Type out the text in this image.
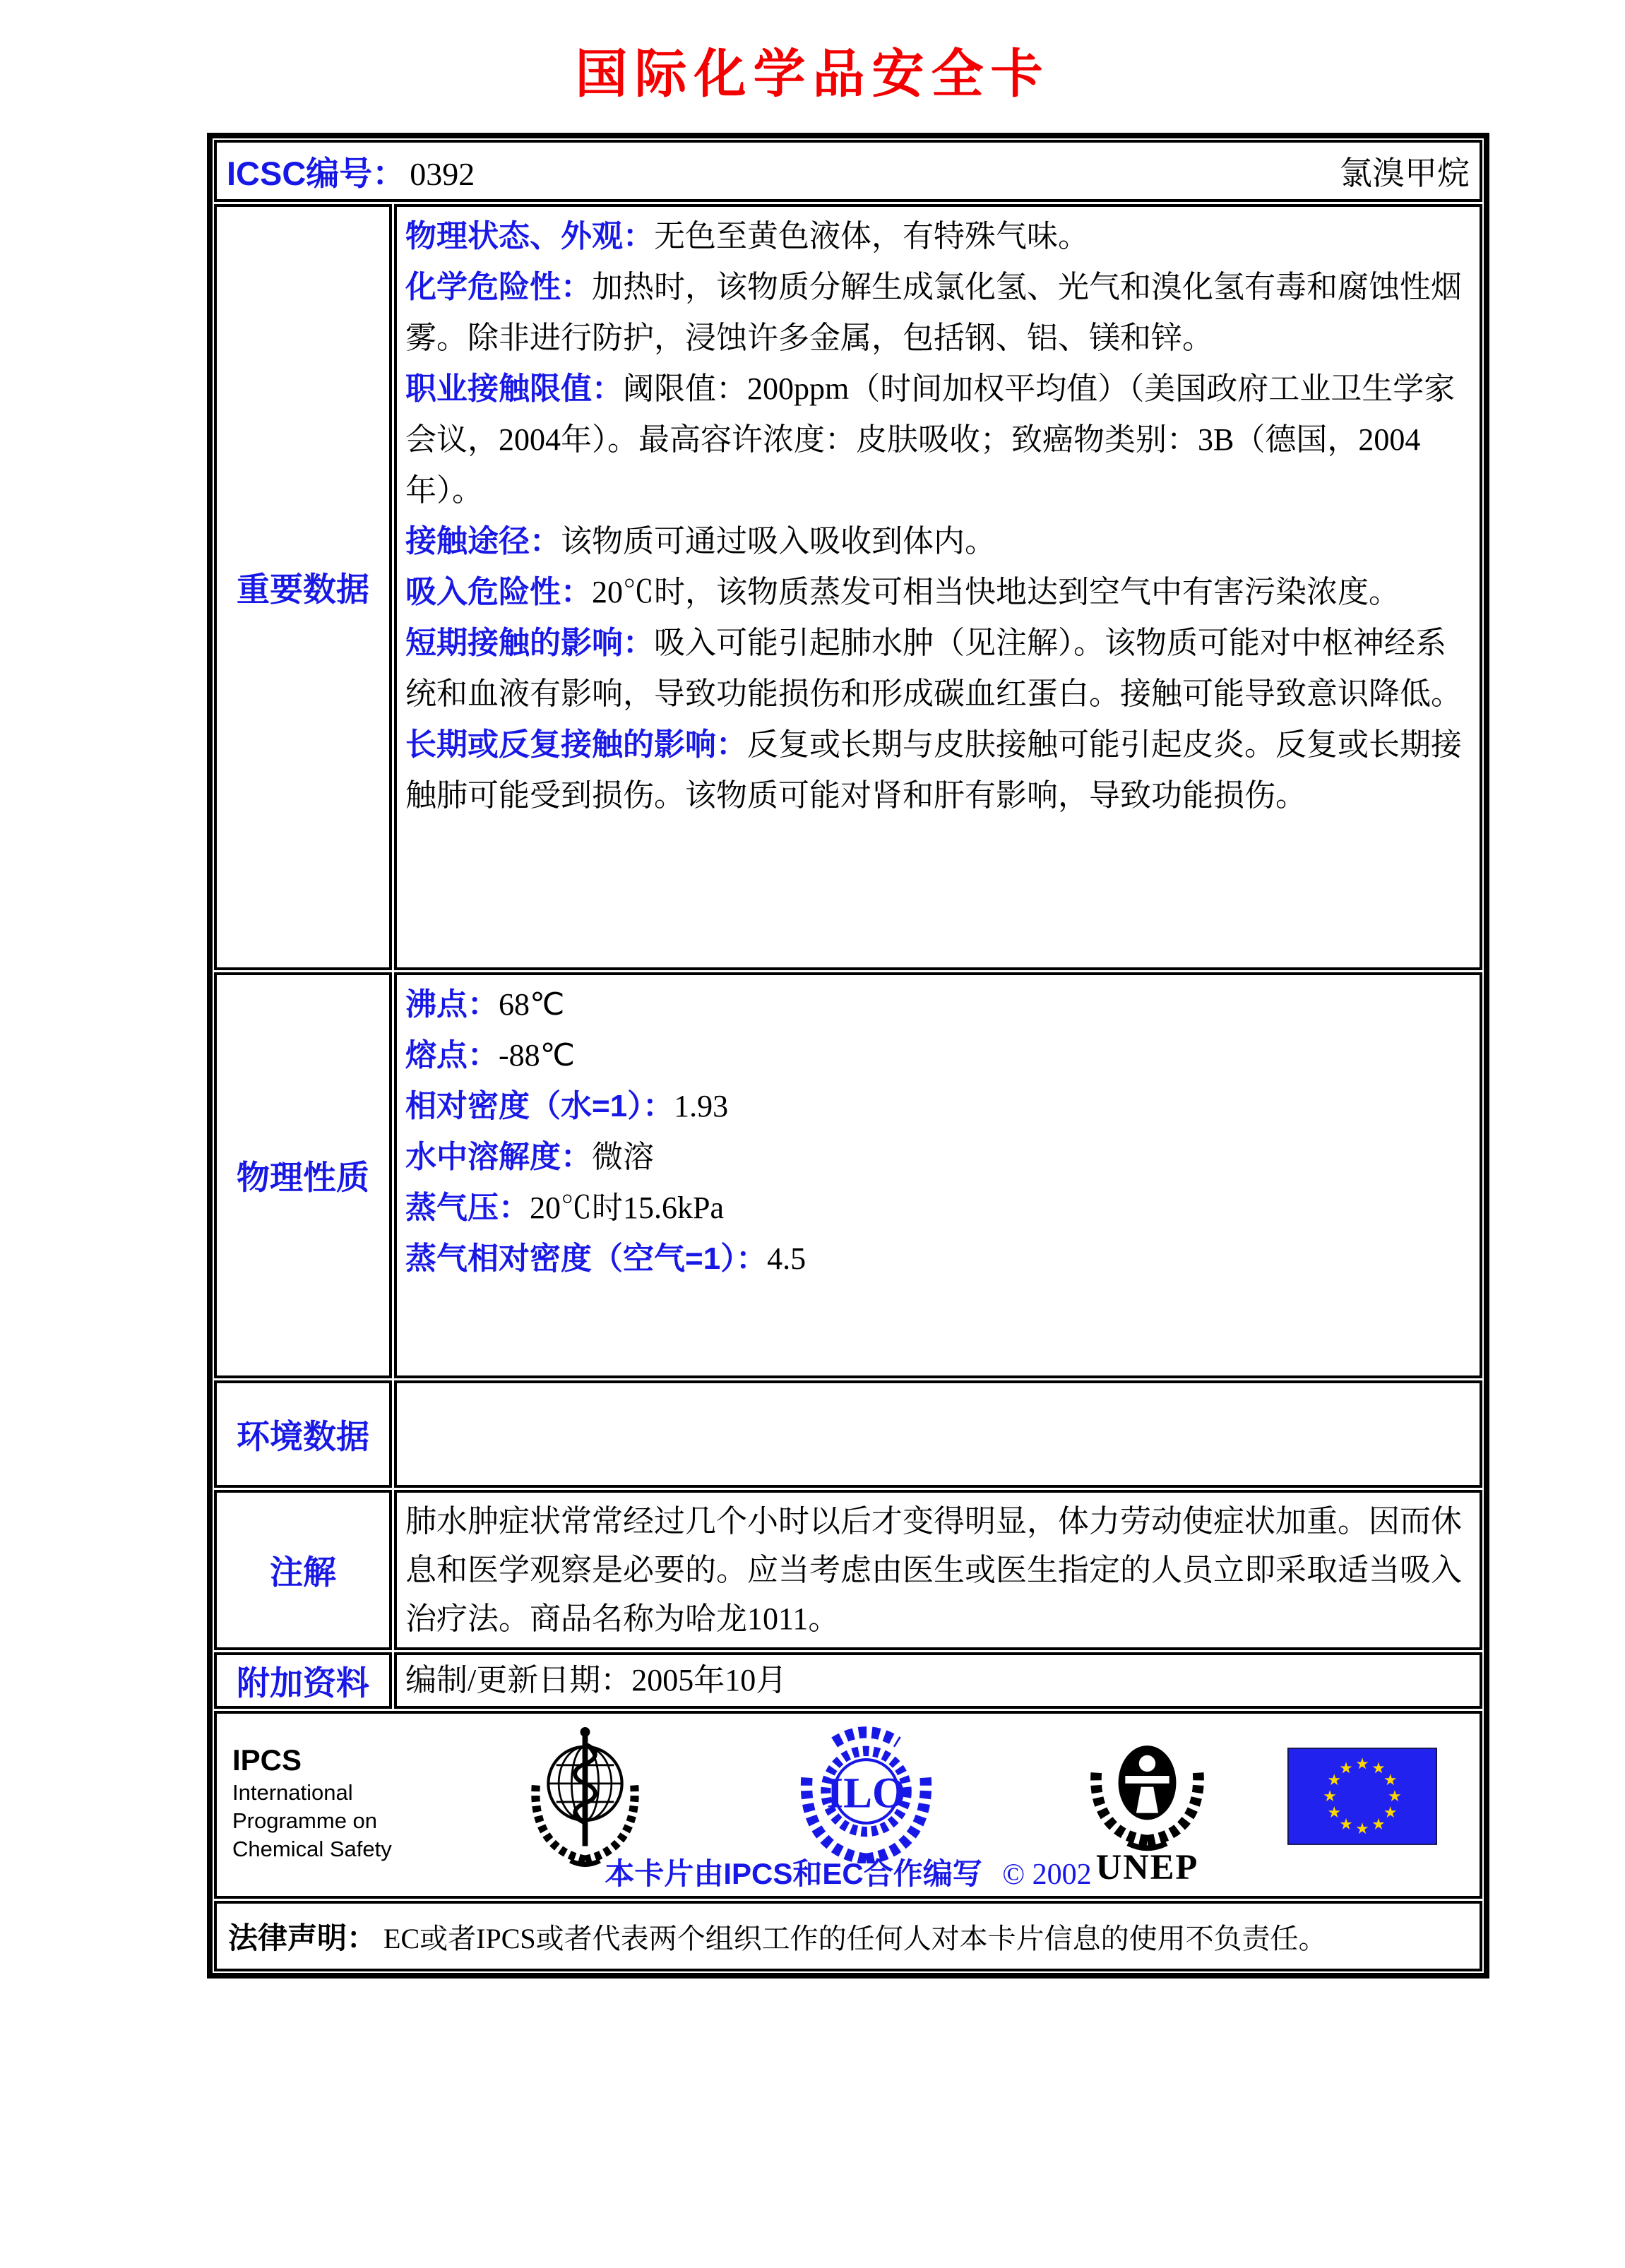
国际化学品安全卡
ICSC编号： 0392	氯溴甲烷
重要数据
物理状态、外观：无色至黄色液体，有特殊气味。
化学危险性：加热时，该物质分解生成氯化氢、光气和溴化氢有毒和腐蚀性烟雾。除非进行防护，浸蚀许多金属，包括钢、铝、镁和锌。
职业接触限值：阈限值：200ppm（时间加权平均值）（美国政府工业卫生学家会议，2004年）。最高容许浓度：皮肤吸收；致癌物类别：3B（德国，2004年）。
接触途径：该物质可通过吸入吸收到体内。
吸入危险性：20℃时，该物质蒸发可相当快地达到空气中有害污染浓度。
短期接触的影响：吸入可能引起肺水肿（见注解）。该物质可能对中枢神经系统和血液有影响，导致功能损伤和形成碳血红蛋白。接触可能导致意识降低。
长期或反复接触的影响：反复或长期与皮肤接触可能引起皮炎。反复或长期接触肺可能受到损伤。该物质可能对肾和肝有影响，导致功能损伤。
物理性质
沸点：68℃
熔点：-88℃
相对密度（水=1）：1.93
水中溶解度：微溶
蒸气压：20℃时15.6kPa
蒸气相对密度（空气=1）：4.5
环境数据
注解
肺水肿症状常常经过几个小时以后才变得明显，体力劳动使症状加重。因而休息和医学观察是必要的。应当考虑由医生或医生指定的人员立即采取适当吸入治疗法。商品名称为哈龙1011。
附加资料 编制/更新日期： 2005年10月
IPCS
International
Programme on
Chemical Safety
ILO
UNEP
本卡片由IPCS和EC合作编写 © 2002
法律声明： EC或者IPCS或者代表两个组织工作的任何人对本卡片信息的使用不负责任。
